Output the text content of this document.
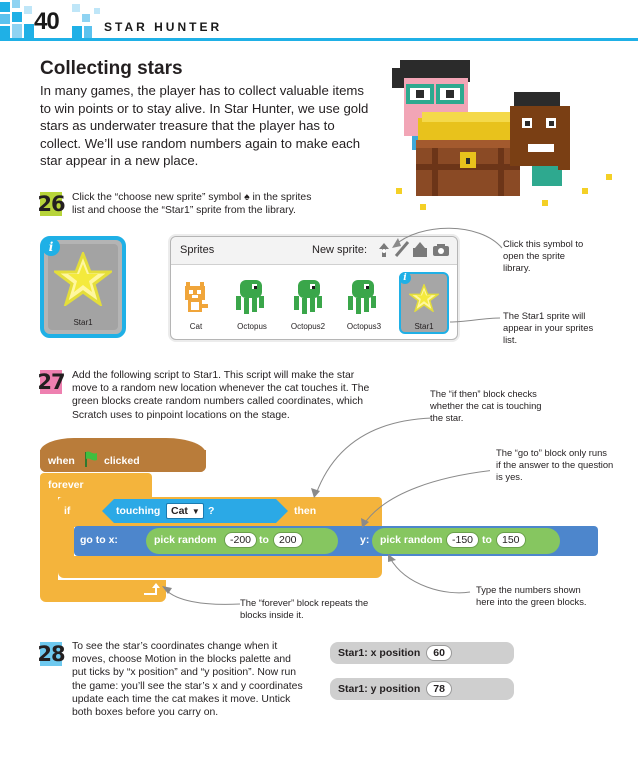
40	STAR HUNTER
Collecting stars
In many games, the player has to collect valuable items to win points or to stay alive. In Star Hunter, we use gold stars as underwater treasure that the player has to collect. We’ll use random numbers again to make each star appear in a new place.
26 Click the “choose new sprite” symbol ♠ in the sprites list and choose the “Star1” sprite from the library.
i
Star1
Sprites	New sprite:
Cat	Octopus	Octopus2	Octopus3
i
Star1
Click this symbol to open the sprite library.
The Star1 sprite will appear in your sprites list.
27 Add the following script to Star1. This script will make the star move to a random new location whenever the cat touches it. The green blocks create random numbers called coordinates, which Scratch uses to pinpoint locations on the stage.
The “if then” block checks whether the cat is touching the star.
The “go to” block only runs if the answer to the question is yes.
when	clicked
forever
if	then
touching Cat ▼ ?
go to x:	pick random	-200 to 200	y: pick random -150 to 150
The “forever” block repeats the blocks inside it.
Type the numbers shown here into the green blocks.
28 To see the star’s coordinates change when it moves, choose Motion in the blocks palette and put ticks by “x position” and “y position”. Now run the game: you’ll see the star’s x and y coordinates update each time the cat makes it move. Untick both boxes before you carry on.
Star1: x position	60
Star1: y position	78
